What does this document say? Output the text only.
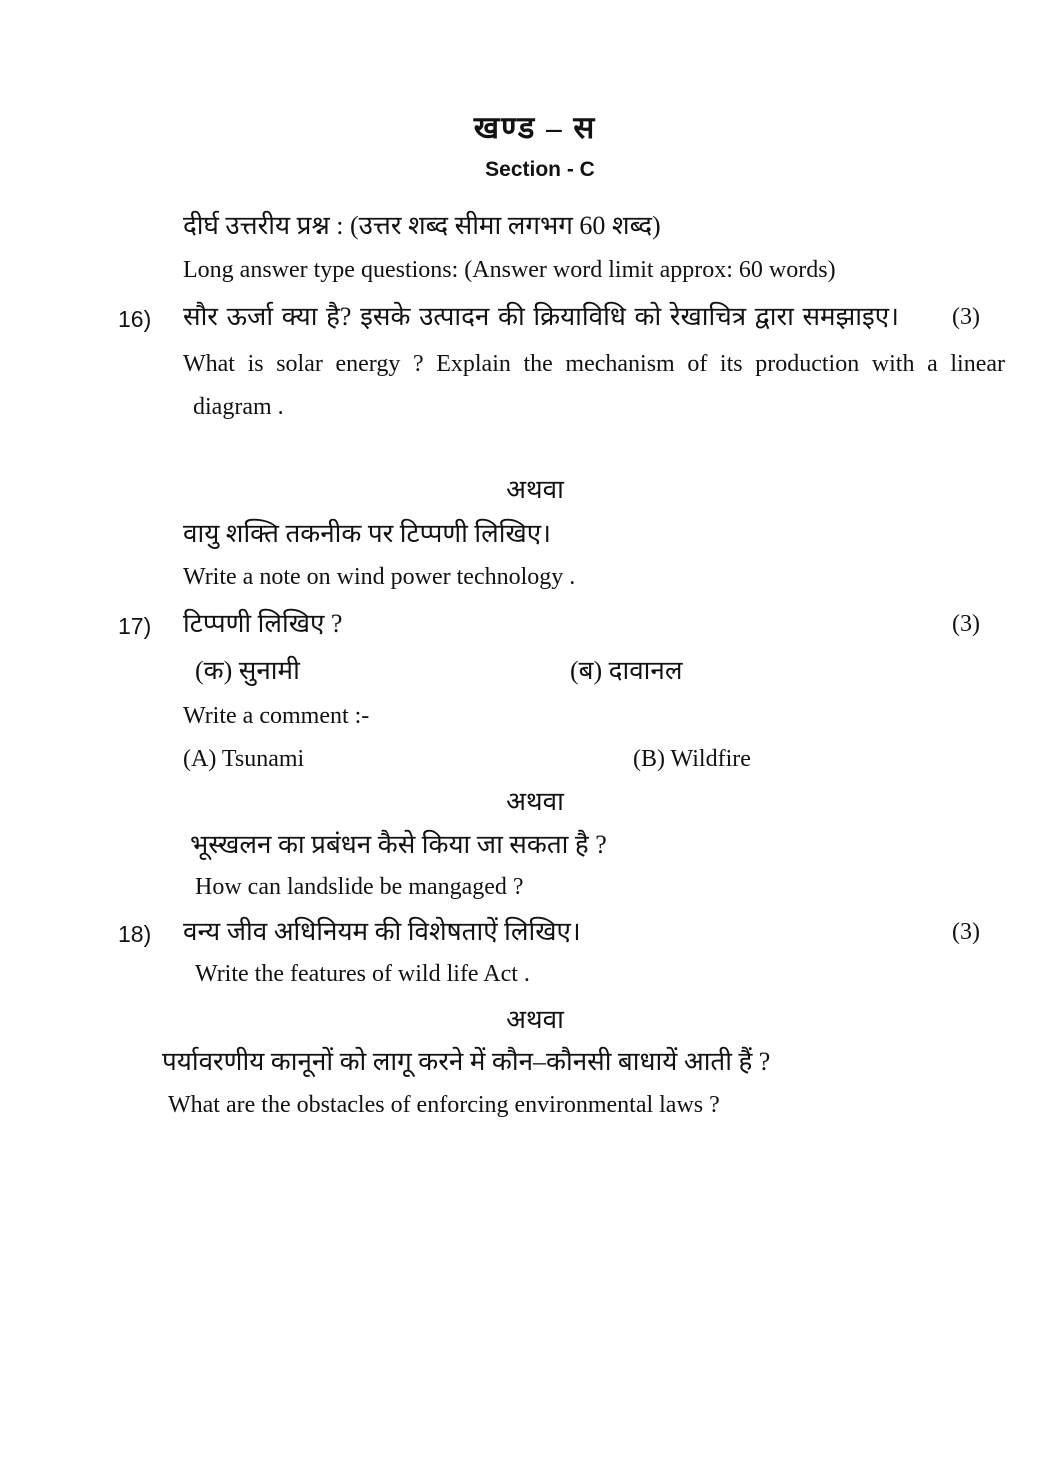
खण्ड – स
Section - C
दीर्घ उत्तरीय प्रश्न : (उत्तर शब्द सीमा लगभग 60 शब्द)
Long answer type questions: (Answer word limit approx: 60 words)
16) सौर ऊर्जा क्या है? इसके उत्पादन की क्रियाविधि को रेखाचित्र द्वारा समझाइए। (3)
What is solar energy ? Explain the mechanism of its production with a linear
diagram .
अथवा
वायु शक्ति तकनीक पर टिप्पणी लिखिए।
Write a note on wind power technology .
17) टिप्पणी लिखिए ?	(3)
(क) सुनामी	(ब) दावानल
Write a comment :-
(A) Tsunami	(B) Wildfire
अथवा
भूस्खलन का प्रबंधन कैसे किया जा सकता है ?
How can landslide be mangaged ?
18) वन्य जीव अधिनियम की विशेषताऐं लिखिए।	(3)
Write the features of wild life Act .
अथवा
पर्यावरणीय कानूनों को लागू करने में कौन–कौनसी बाधायें आती हैं ?
What are the obstacles of enforcing environmental laws ?
